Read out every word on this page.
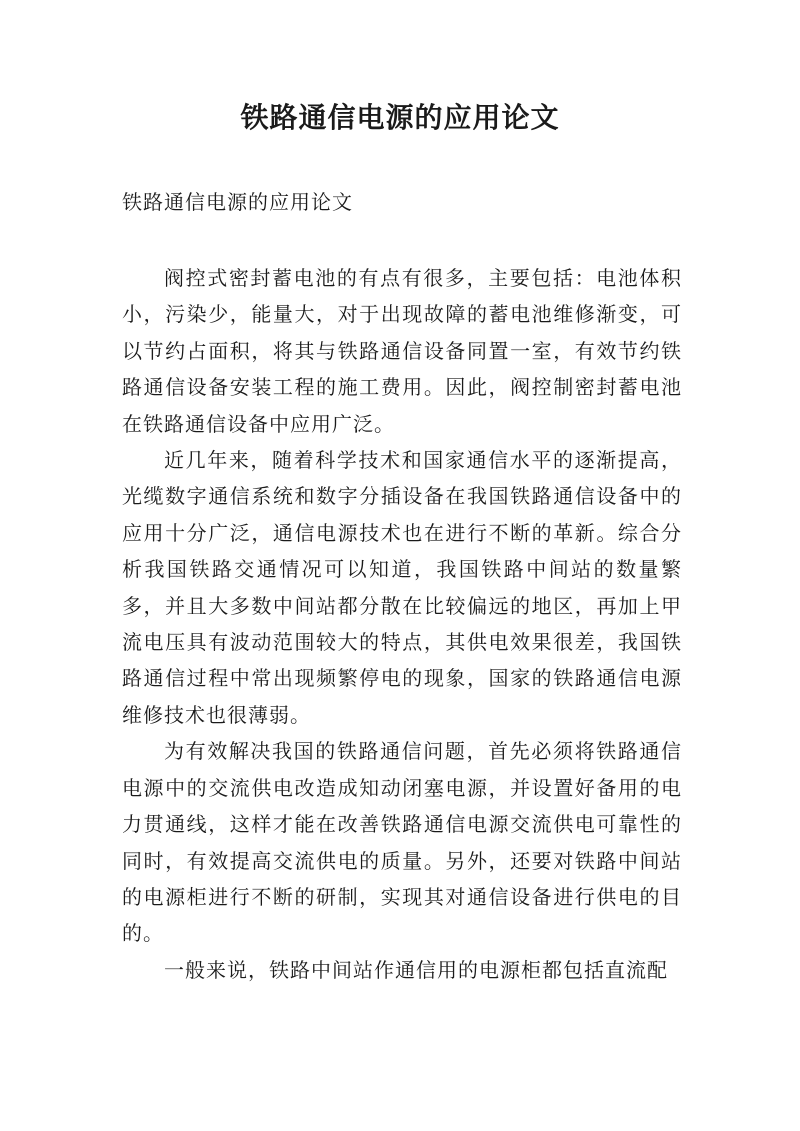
铁路通信电源的应用论文

铁路通信电源的应用论文

阀控式密封蓄电池的有点有很多，主要包括：电池体积小，污染少，能量大，对于出现故障的蓄电池维修渐变，可以节约占面积，将其与铁路通信设备同置一室，有效节约铁路通信设备安装工程的施工费用。因此，阀控制密封蓄电池在铁路通信设备中应用广泛。

近几年来，随着科学技术和国家通信水平的逐渐提高，光缆数字通信系统和数字分插设备在我国铁路通信设备中的应用十分广泛，通信电源技术也在进行不断的革新。综合分析我国铁路交通情况可以知道，我国铁路中间站的数量繁多，并且大多数中间站都分散在比较偏远的地区，再加上甲流电压具有波动范围较大的特点，其供电效果很差，我国铁路通信过程中常出现频繁停电的现象，国家的铁路通信电源维修技术也很薄弱。

为有效解决我国的铁路通信问题，首先必须将铁路通信电源中的交流供电改造成知动闭塞电源，并设置好备用的电力贯通线，这样才能在改善铁路通信电源交流供电可靠性的同时，有效提高交流供电的质量。另外，还要对铁路中间站的电源柜进行不断的研制，实现其对通信设备进行供电的目的。

一般来说，铁路中间站作通信用的电源柜都包括直流配
